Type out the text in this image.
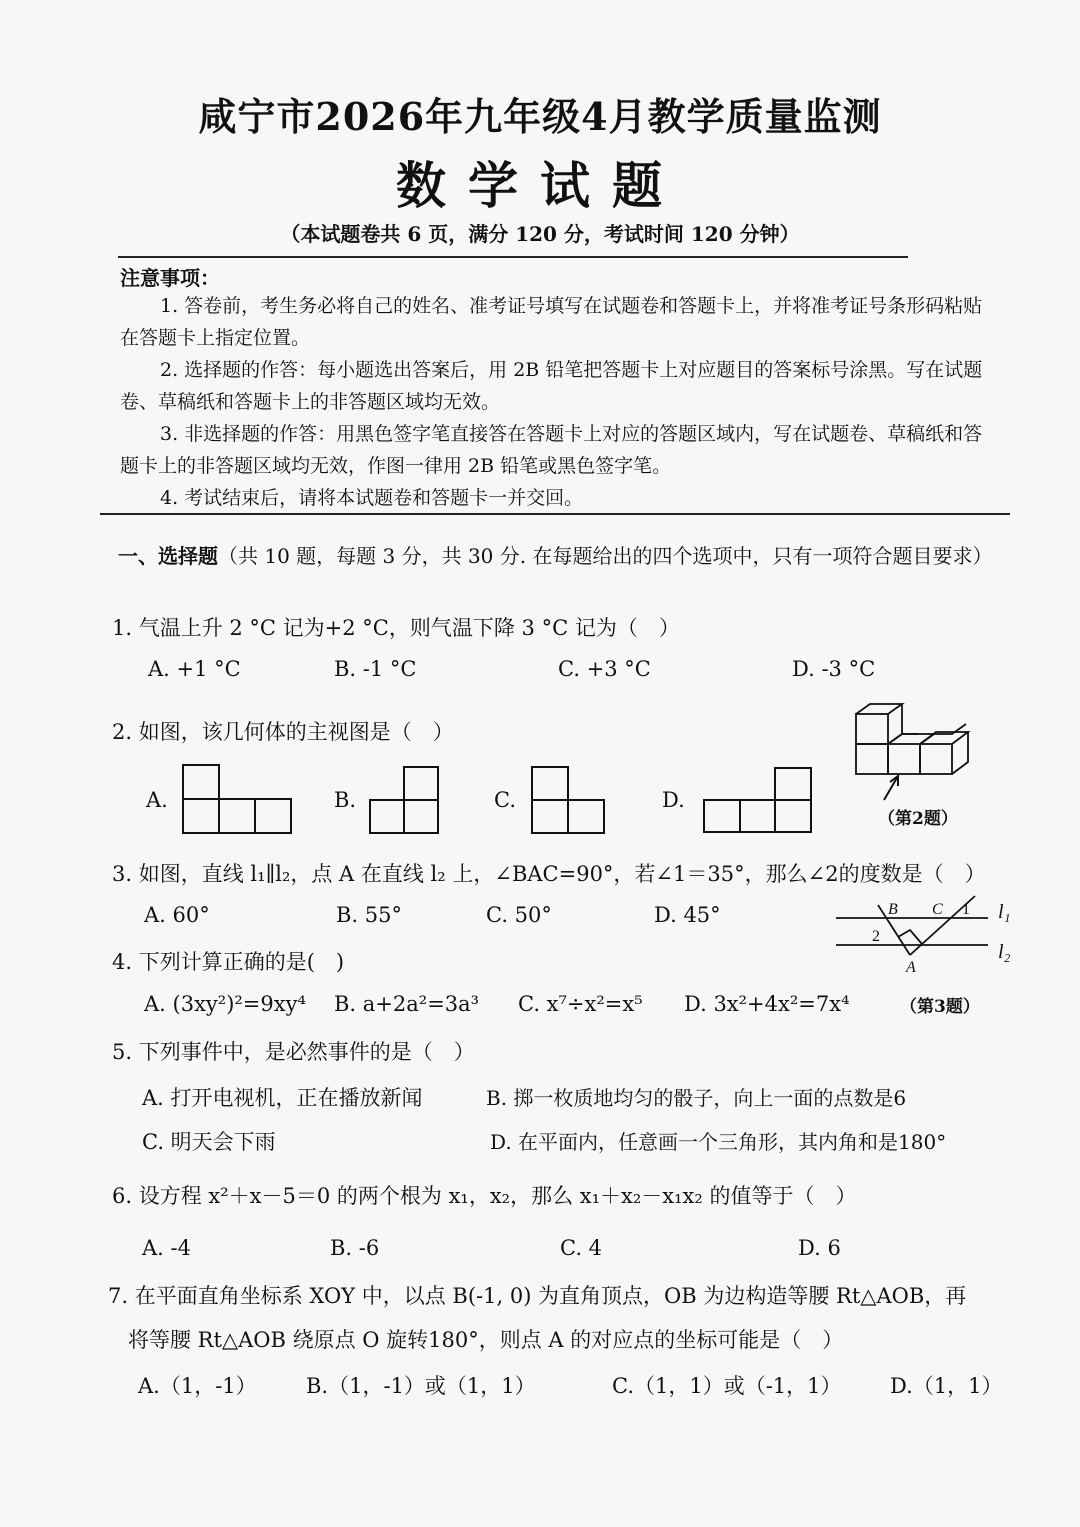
咸宁市2026年九年级4月教学质量监测
数学试题
（本试题卷共 6 页，满分 120 分，考试时间 120 分钟）
注意事项：

1. 答卷前，考生务必将自己的姓名、准考证号填写在试题卷和答题卡上，并将准考证号条形码粘贴在答题卡上指定位置。

2. 选择题的作答：每小题选出答案后，用 2B 铅笔把答题卡上对应题目的答案标号涂黑。写在试题卷、草稿纸和答题卡上的非答题区域均无效。

3. 非选择题的作答：用黑色签字笔直接答在答题卡上对应的答题区域内，写在试题卷、草稿纸和答题卡上的非答题区域均无效，作图一律用 2B 铅笔或黑色签字笔。

4. 考试结束后，请将本试题卷和答题卡一并交回。

一、选择题（共 10 题，每题 3 分，共 30 分. 在每题给出的四个选项中，只有一项符合题目要求）
1. 气温上升 2 °C 记为+2 °C，则气温下降 3 °C 记为（　）
A. +1 °C	B. -1 °C	C. +3 °C	D. -3 °C
2. 如图，该几何体的主视图是（　）
A.	B.	C.	D.
（第2题）
3. 如图，直线 l₁∥l₂，点 A 在直线 l₂ 上，∠BAC=90°，若∠1＝35°，那么∠2的度数是（　）
A. 60°	B. 55°	C. 50°	D. 45°	B C
A
1
2
l₁
l₂
（第3题）
4. 下列计算正确的是(　)
A. (3xy²)²=9xy⁴ B. a+2a²=3a³ C. x⁷÷x²=x⁵ D. 3x²+4x²=7x⁴
5. 下列事件中，是必然事件的是（　）
A. 打开电视机，正在播放新闻	B. 掷一枚质地均匀的骰子，向上一面的点数是6
C. 明天会下雨	D. 在平面内，任意画一个三角形，其内角和是180°
6. 设方程 x²＋x－5＝0 的两个根为 x₁，x₂，那么 x₁＋x₂－x₁x₂ 的值等于（　）
A. -4	B. -6	C. 4	D. 6
7. 在平面直角坐标系 XOY 中，以点 B(-1, 0) 为直角顶点，OB 为边构造等腰 Rt△AOB，再
将等腰 Rt△AOB 绕原点 O 旋转180°，则点 A 的对应点的坐标可能是（　）
A.（1，-1） B.（1，-1）或（1，1）	C.（1，1）或（-1，1） D.（1，1）
